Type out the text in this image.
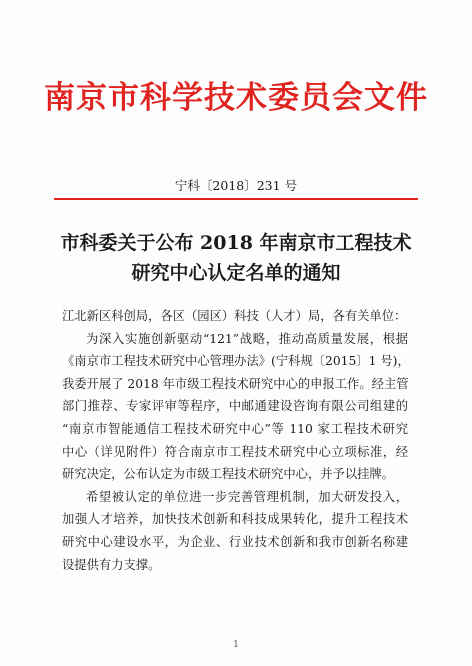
南京市科学技术委员会文件
宁科〔2018〕231 号
市科委关于公布 2018 年南京市工程技术
研究中心认定名单的通知

江北新区科创局，各区（园区）科技（人才）局，各有关单位：

为深入实施创新驱动“121”战略，推动高质量发展，根据
《南京市工程技术研究中心管理办法》(宁科规〔2015〕1 号)，
我委开展了 2018 年市级工程技术研究中心的申报工作。经主管
部门推荐、专家评审等程序，中邮通建设咨询有限公司组建的
“南京市智能通信工程技术研究中心”等 110 家工程技术研究
中心（详见附件）符合南京市工程技术研究中心立项标准，经
研究决定，公布认定为市级工程技术研究中心，并予以挂牌。
希望被认定的单位进一步完善管理机制，加大研发投入，
加强人才培养，加快技术创新和科技成果转化，提升工程技术
研究中心建设水平，为企业、行业技术创新和我市创新名称建
设提供有力支撑。
1
